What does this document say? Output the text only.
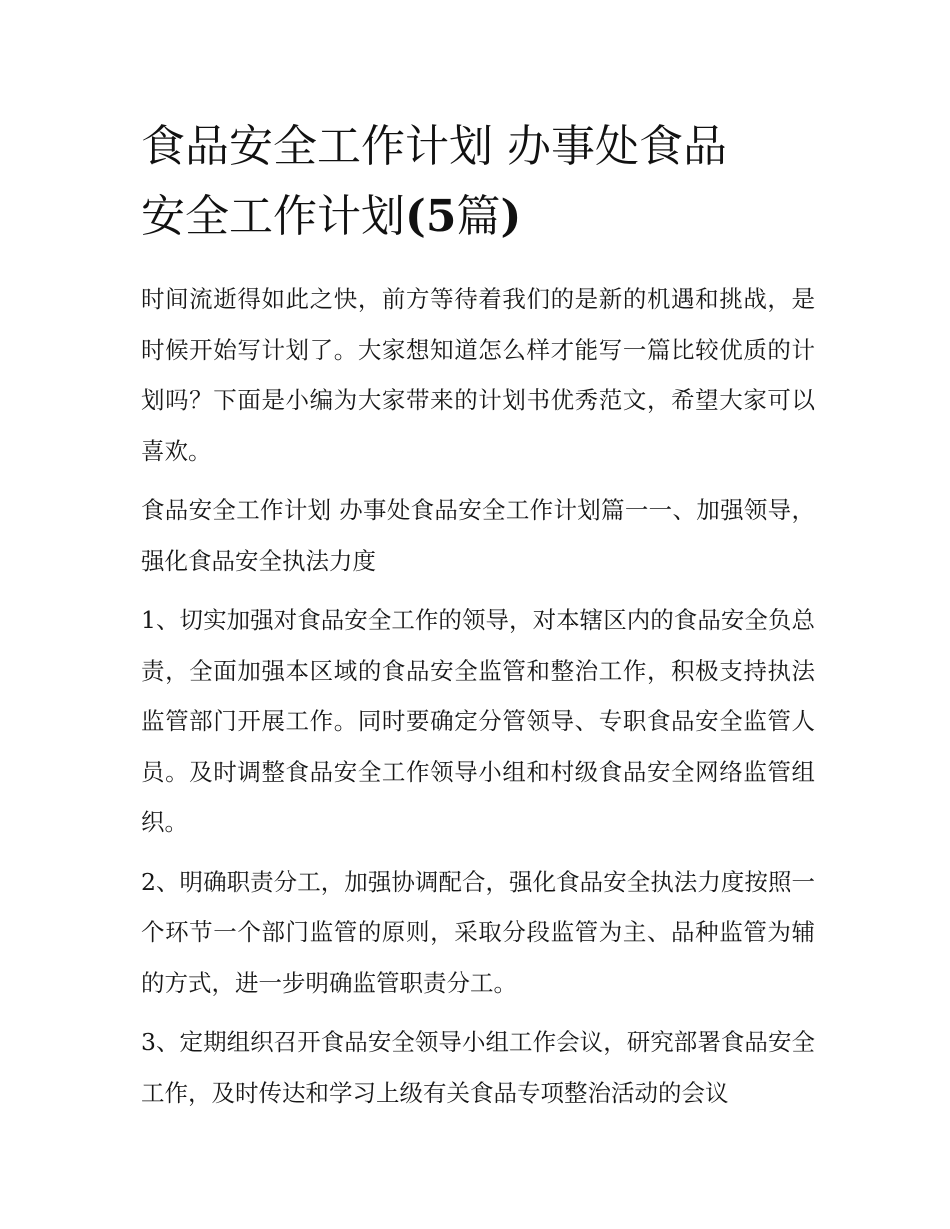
食品安全工作计划 办事处食品
安全工作计划(5篇)

时间流逝得如此之快，前方等待着我们的是新的机遇和挑战，是时候开始写计划了。大家想知道怎么样才能写一篇比较优质的计划吗？下面是小编为大家带来的计划书优秀范文，希望大家可以喜欢。

食品安全工作计划 办事处食品安全工作计划篇一一、加强领导，强化食品安全执法力度

1、切实加强对食品安全工作的领导，对本辖区内的食品安全负总责，全面加强本区域的食品安全监管和整治工作，积极支持执法监管部门开展工作。同时要确定分管领导、专职食品安全监管人员。及时调整食品安全工作领导小组和村级食品安全网络监管组织。

2、明确职责分工，加强协调配合，强化食品安全执法力度按照一个环节一个部门监管的原则，采取分段监管为主、品种监管为辅的方式，进一步明确监管职责分工。

3、定期组织召开食品安全领导小组工作会议，研究部署食品安全工作，及时传达和学习上级有关食品专项整治活动的会议
